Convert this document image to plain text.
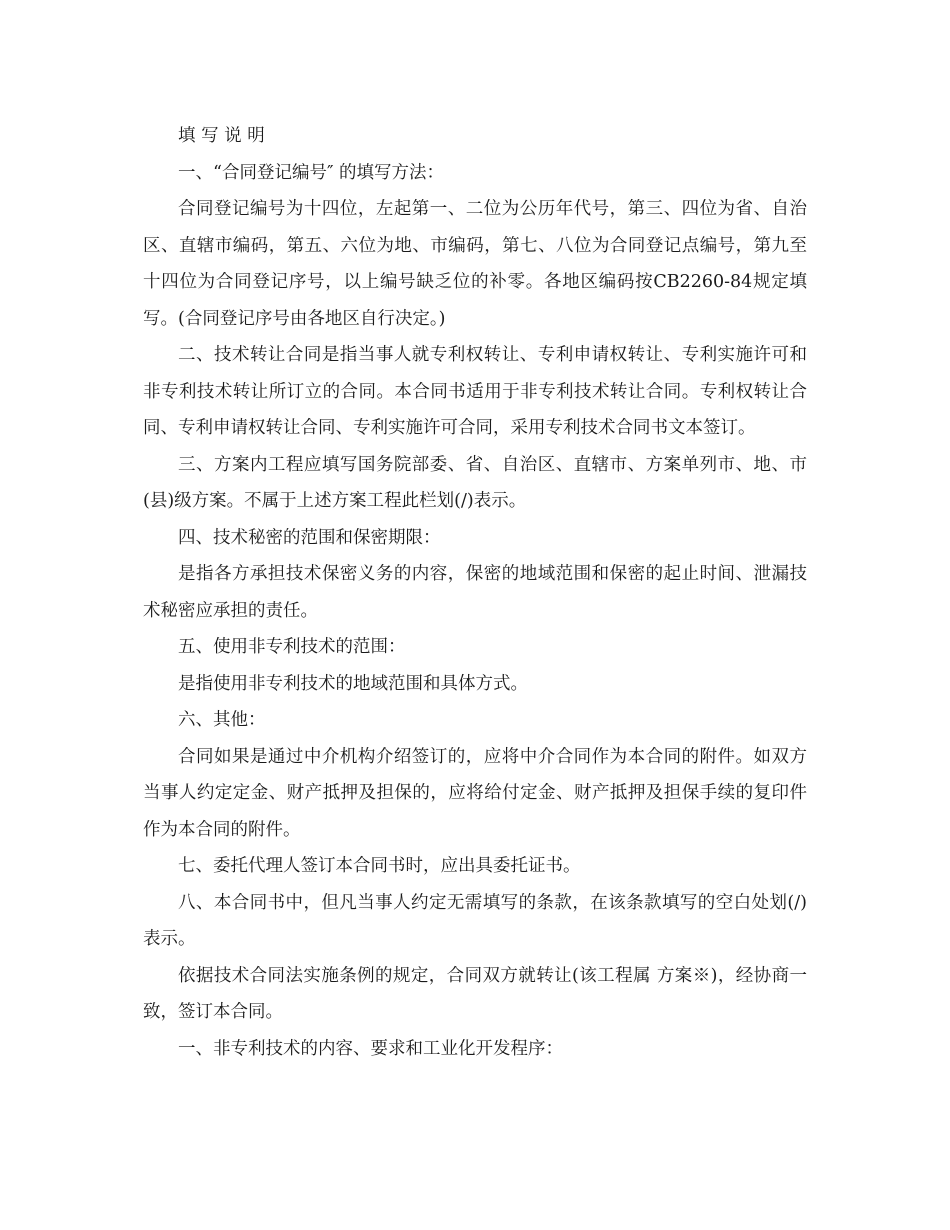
填 写 说 明

一、“合同登记编号″ 的填写方法：

合同登记编号为十四位，左起第一、二位为公历年代号，第三、四位为省、自治区、直辖市编码，第五、六位为地、市编码，第七、八位为合同登记点编号，第九至十四位为合同登记序号，以上编号缺乏位的补零。各地区编码按CB2260-84规定填写。(合同登记序号由各地区自行决定。)

二、技术转让合同是指当事人就专利权转让、专利申请权转让、专利实施许可和非专利技术转让所订立的合同。本合同书适用于非专利技术转让合同。专利权转让合同、专利申请权转让合同、专利实施许可合同，采用专利技术合同书文本签订。

三、方案内工程应填写国务院部委、省、自治区、直辖市、方案单列市、地、市(县)级方案。不属于上述方案工程此栏划(/)表示。

四、技术秘密的范围和保密期限：

是指各方承担技术保密义务的内容，保密的地域范围和保密的起止时间、泄漏技术秘密应承担的责任。

五、使用非专利技术的范围：

是指使用非专利技术的地域范围和具体方式。

六、其他：

合同如果是通过中介机构介绍签订的，应将中介合同作为本合同的附件。如双方当事人约定定金、财产抵押及担保的，应将给付定金、财产抵押及担保手续的复印件作为本合同的附件。

七、委托代理人签订本合同书时，应出具委托证书。

八、本合同书中，但凡当事人约定无需填写的条款，在该条款填写的空白处划(/)表示。

依据技术合同法实施条例的规定，合同双方就转让(该工程属 方案※)，经协商一致，签订本合同。

一、非专利技术的内容、要求和工业化开发程序：
